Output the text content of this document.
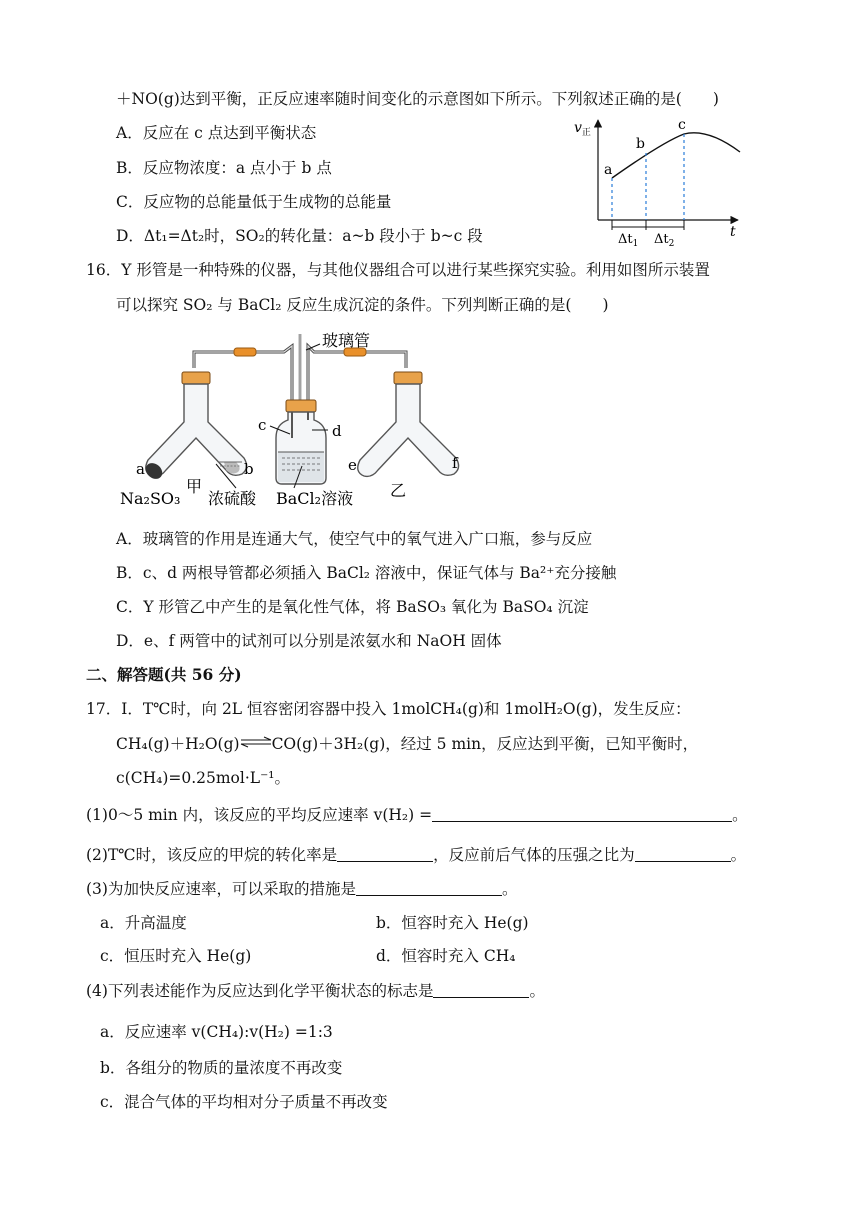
＋NO(g)达到平衡，正反应速率随时间变化的示意图如下所示。下列叙述正确的是(　　)
A．反应在 c 点达到平衡状态
B．反应物浓度：a 点小于 b 点
C．反应物的总能量低于生成物的总能量
D．Δt₁=Δt₂时，SO₂的转化量：a~b 段小于 b~c 段
$v_正$
t
a
b
c
$\Delta t_1$ $\Delta t_2$
16．Y 形管是一种特殊的仪器，与其他仪器组合可以进行某些探究实验。利用如图所示装置
可以探究 SO₂ 与 BaCl₂ 反应生成沉淀的条件。下列判断正确的是(　　)
玻璃管
c	d
a	b	e	f
甲	乙
Na₂SO₃ 浓硫酸 BaCl₂溶液
A．玻璃管的作用是连通大气，使空气中的氧气进入广口瓶，参与反应
B．c、d 两根导管都必须插入 BaCl₂ 溶液中，保证气体与 Ba²⁺充分接触
C．Y 形管乙中产生的是氧化性气体，将 BaSO₃ 氧化为 BaSO₄ 沉淀
D．e、f 两管中的试剂可以分别是浓氨水和 NaOH 固体
二、解答题(共 56 分)
17．I．T℃时，向 2L 恒容密闭容器中投入 1molCH₄(g)和 1molH₂O(g)，发生反应：
CH₄(g)＋H₂O(g)⇌CO(g)＋3H₂(g)，经过 5 min，反应达到平衡，已知平衡时，
c(CH₄)=0.25mol·L⁻¹。
(1)0～5 min 内，该反应的平均反应速率 v(H₂) =	。
(2)T℃时，该反应的甲烷的转化率是	，反应前后气体的压强之比为	。
(3)为加快反应速率，可以采取的措施是	。
a．升高温度	b．恒容时充入 He(g)
c．恒压时充入 He(g)	d．恒容时充入 CH₄
(4)下列表述能作为反应达到化学平衡状态的标志是	。
a．反应速率 v(CH₄):v(H₂) =1:3
b．各组分的物质的量浓度不再改变
c．混合气体的平均相对分子质量不再改变
